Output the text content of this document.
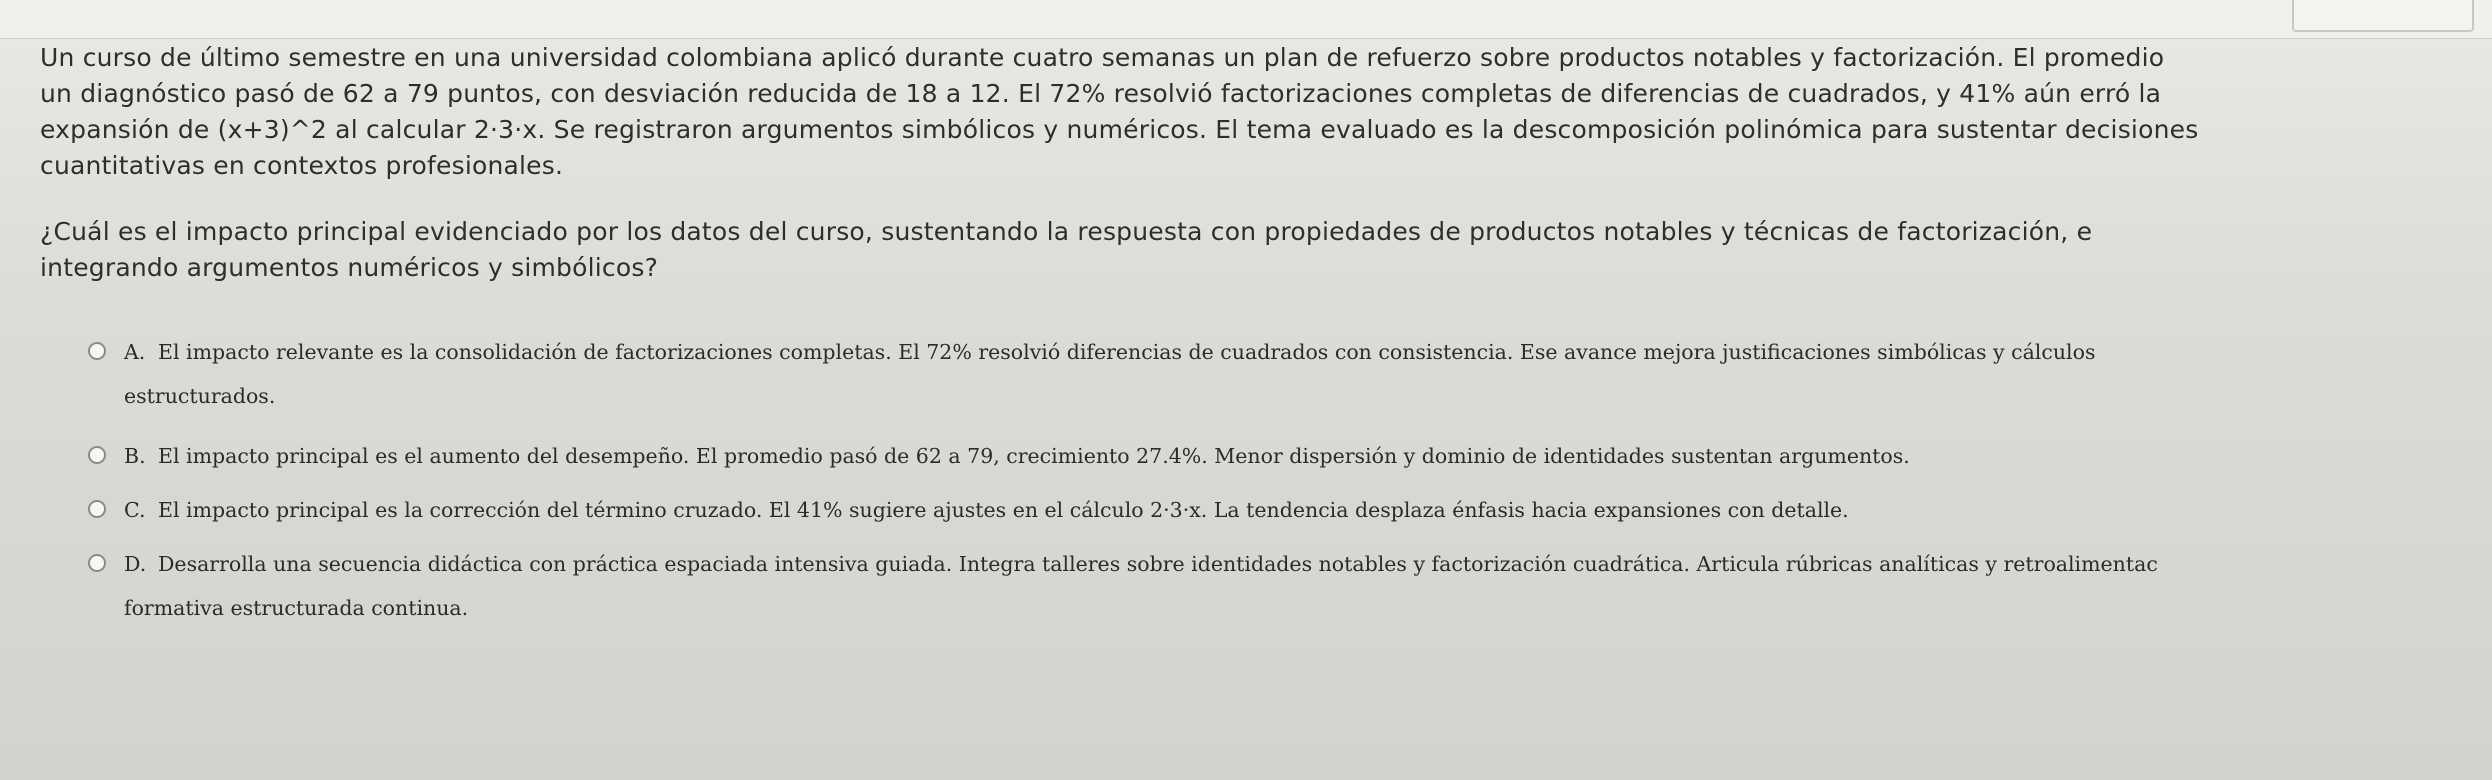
Un curso de último semestre en una universidad colombiana aplicó durante cuatro semanas un plan de refuerzo sobre productos notables y factorización. El promedio
un diagnóstico pasó de 62 a 79 puntos, con desviación reducida de 18 a 12. El 72% resolvió factorizaciones completas de diferencias de cuadrados, y 41% aún erró la
expansión de (x+3)^2 al calcular 2·3·x. Se registraron argumentos simbólicos y numéricos. El tema evaluado es la descomposición polinómica para sustentar decisiones
cuantitativas en contextos profesionales.

¿Cuál es el impacto principal evidenciado por los datos del curso, sustentando la respuesta con propiedades de productos notables y técnicas de factorización, e
integrando argumentos numéricos y simbólicos?

A. El impacto relevante es la consolidación de factorizaciones completas. El 72% resolvió diferencias de cuadrados con consistencia. Ese avance mejora justificaciones simbólicas y cálculos
estructurados.
B. El impacto principal es el aumento del desempeño. El promedio pasó de 62 a 79, crecimiento 27.4%. Menor dispersión y dominio de identidades sustentan argumentos.
C. El impacto principal es la corrección del término cruzado. El 41% sugiere ajustes en el cálculo 2·3·x. La tendencia desplaza énfasis hacia expansiones con detalle.
D. Desarrolla una secuencia didáctica con práctica espaciada intensiva guiada. Integra talleres sobre identidades notables y factorización cuadrática. Articula rúbricas analíticas y retroalimentac
formativa estructurada continua.
